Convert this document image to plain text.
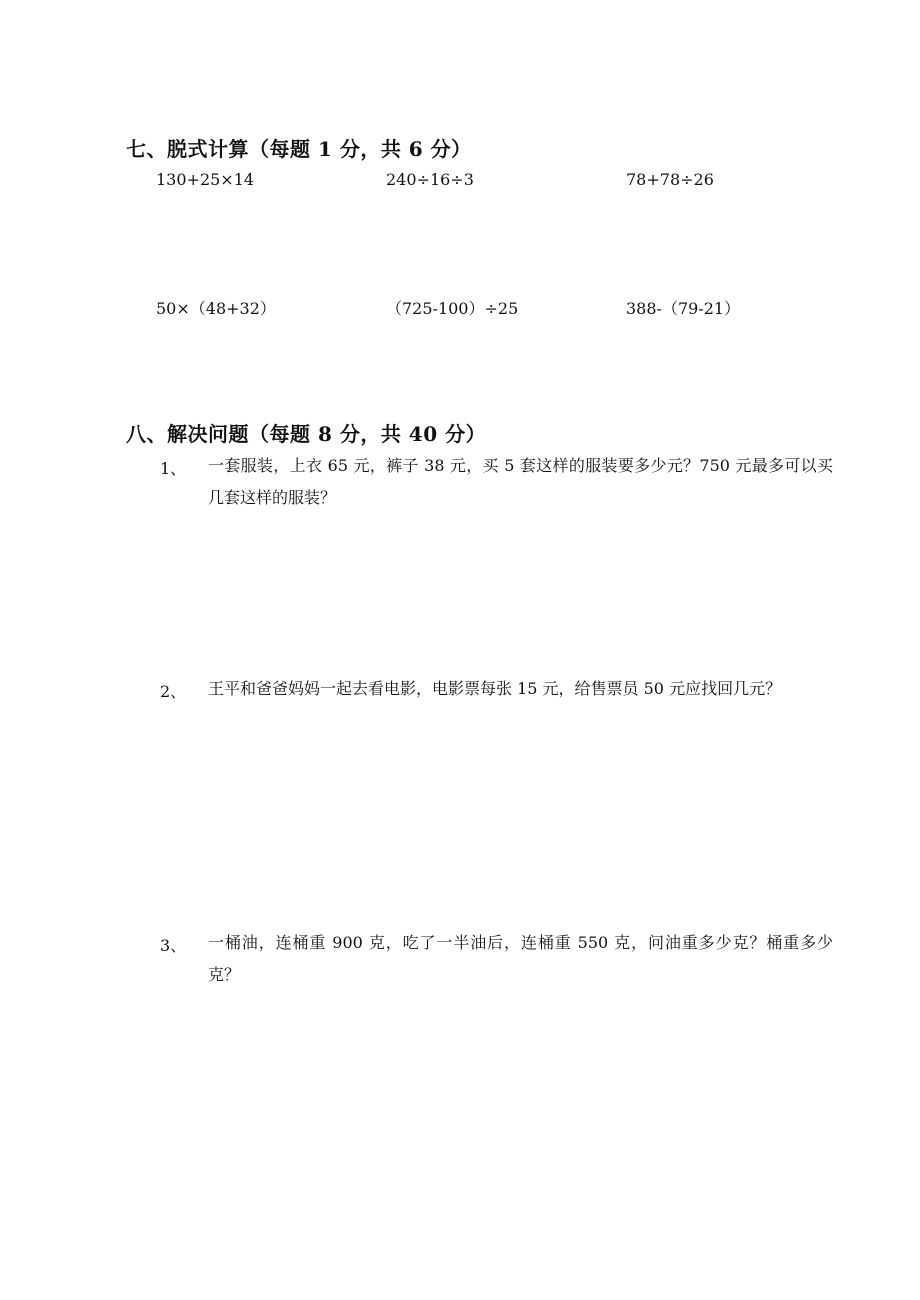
七、脱式计算（每题 1 分，共 6 分）
130+25×14	240÷16÷3	78+78÷26
50×（48+32）	（725-100）÷25	388-（79-21）
八、解决问题（每题 8 分，共 40 分）
1、 一套服装，上衣 65 元，裤子 38 元，买 5 套这样的服装要多少元？750 元最多可以买几套这样的服装？
2、 王平和爸爸妈妈一起去看电影，电影票每张 15 元，给售票员 50 元应找回几元？
3、 一桶油，连桶重 900 克，吃了一半油后，连桶重 550 克，问油重多少克？桶重多少克？
